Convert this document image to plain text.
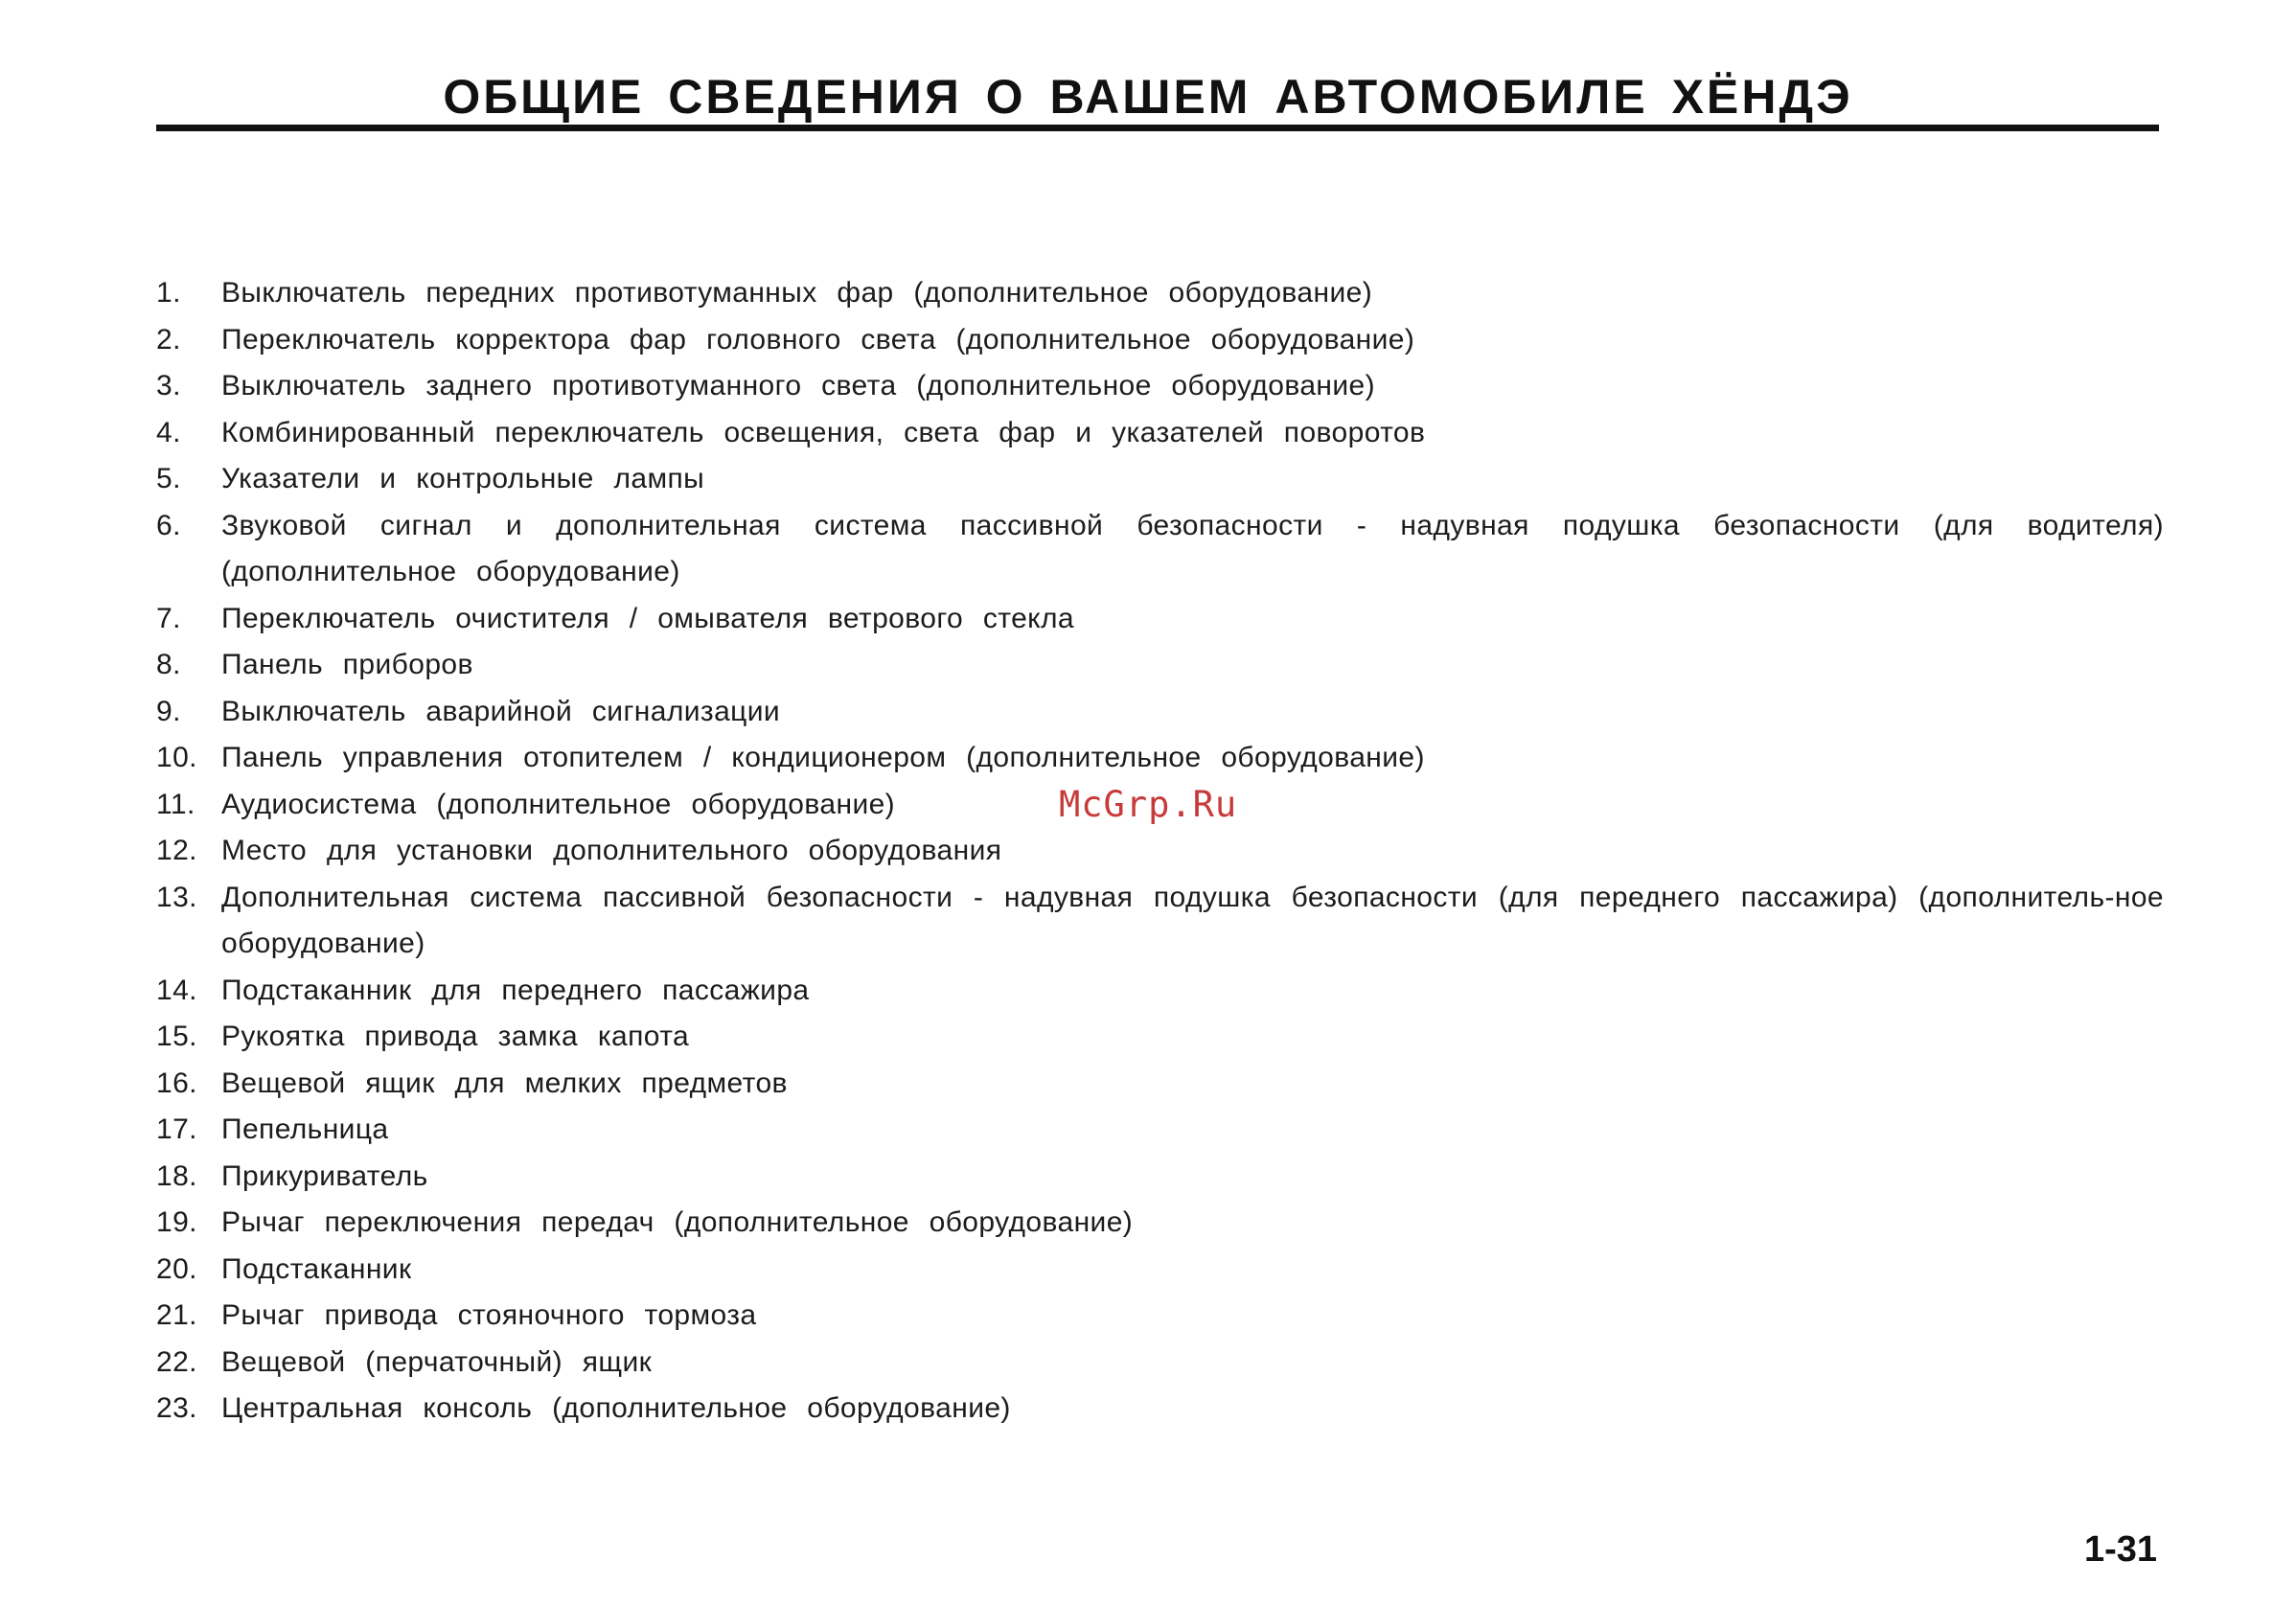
ОБЩИЕ СВЕДЕНИЯ О ВАШЕМ АВТОМОБИЛЕ ХЁНДЭ
1.	Выключатель передних противотуманных фар (дополнительное оборудование)
2.	Переключатель корректора фар головного света (дополнительное оборудование)
3.	Выключатель заднего противотуманного света (дополнительное оборудование)
4.	Комбинированный переключатель освещения, света фар и указателей поворотов
5.	Указатели и контрольные лампы
6.	Звуковой сигнал и дополнительная система пассивной безопасности - надувная подушка безопасности (для водителя) (дополнительное оборудование)
7.	Переключатель очистителя / омывателя ветрового стекла
8.	Панель приборов
9.	Выключатель аварийной сигнализации
10. Панель управления отопителем / кондиционером (дополнительное оборудование)
11. Аудиосистема (дополнительное оборудование)
12. Место для установки дополнительного оборудования
13. Дополнительная система пассивной безопасности - надувная подушка безопасности (для переднего пассажира) (дополнитель-ное оборудование)
14. Подстаканник для переднего пассажира
15. Рукоятка привода замка капота
16. Вещевой ящик для мелких предметов
17. Пепельница
18. Прикуриватель
19. Рычаг переключения передач (дополнительное оборудование)
20. Подстаканник
21. Рычаг привода стояночного тормоза
22. Вещевой (перчаточный) ящик
23. Центральная консоль (дополнительное оборудование)
McGrp.Ru
1-31
